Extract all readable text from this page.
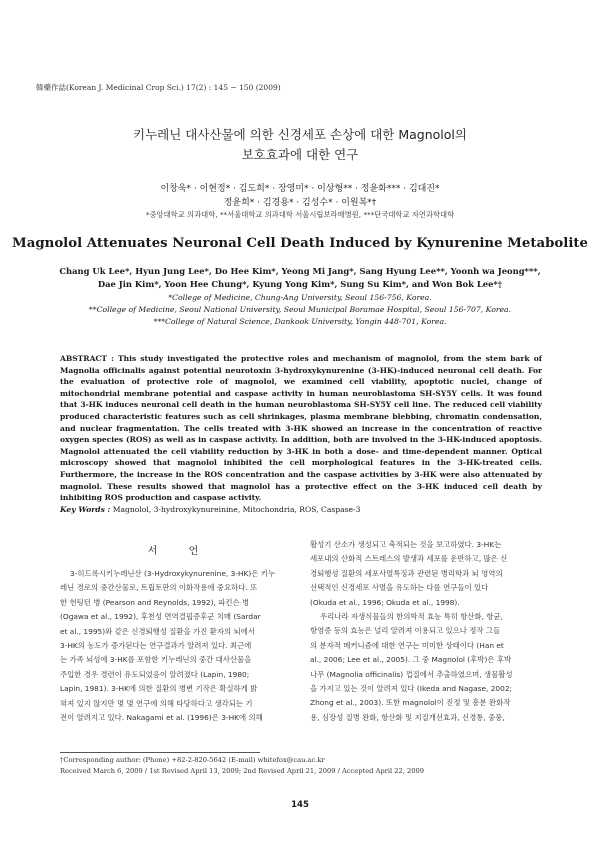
韓藥作誌(Korean J. Medicinal Crop Sci.) 17(2) : 145 − 150 (2009)
키누레닌 대사산물에 의한 신경세포 손상에 대한 Magnolol의
보호효과에 대한 연구
이창욱* · 이현정* · 김도희* · 장영미* · 이상형** · 정윤화*** · 김대진*
정윤희* · 김경용* · 김성수* · 이원복*†
*중앙대학교 의과대학, **서울대학교 의과대학 서울시립보라매병원, ***단국대학교 자연과학대학
Magnolol Attenuates Neuronal Cell Death Induced by Kynurenine Metabolite
Chang Uk Lee*, Hyun Jung Lee*, Do Hee Kim*, Yeong Mi Jang*, Sang Hyung Lee**, Yoonh wa Jeong***,
Dae Jin Kim*, Yoon Hee Chung*, Kyung Yong Kim*, Sung Su Kim*, and Won Bok Lee*†
*College of Medicine, Chung-Ang University, Seoul 156-756, Korea.
**College of Medicine, Seoul National University, Seoul Municipal Boramae Hospital, Seoul 156-707, Korea.
***College of Natural Science, Dankook University, Yongin 448-701, Korea.
ABSTRACT : This study investigated the protective roles and mechanism of magnolol, from the stem bark of Magnolia officinalis against potential neurotoxin 3-hydroxykynurenine (3-HK)-induced neuronal cell death. For the evaluation of protective role of magnolol, we examined cell viability, apoptotic nuclei, change of mitochondrial membrane potential and caspase activity in human neuroblastoma SH-SY5Y cells. It was found that 3-HK induces neuronal cell death in the human neuroblastoma SH-SY5Y cell line. The reduced cell viability produced characteristic features such as cell shrinkages, plasma membrane blebbing, chromatin condensation, and nuclear fragmentation. The cells treated with 3-HK showed an increase in the concentration of reactive oxygen species (ROS) as well as in caspase activity. In addition, both are involved in the 3-HK-induced apoptosis. Magnolol attenuated the cell viability reduction by 3-HK in both a dose- and time-dependent manner. Optical microscopy showed that magnolol inhibited the cell morphological features in the 3-HK-treated cells. Furthermore, the increase in the ROS concentration and the caspase activities by 3-HK were also attenuated by magnolol. These results showed that magnolol has a protective effect on the 3-HK induced cell death by inhibiting ROS production and caspase activity.
Key Words : Magnolol, 3-hydroxykynureinine, Mitochondria, ROS, Caspase-3
서 언

3-히드록시키누레닌산 (3-Hydroxykynurenine, 3-HK)은 키누

레닌 경로의 중간산물로, 트립토판의 이화작용에 중요하다. 또

한 헌팅턴 병 (Pearson and Reynolds, 1992), 파킨슨 병

(Ogawa et al., 1992), 후천성 면역결핍증후군 치매 (Sardar

et al., 1995)와 같은 신경퇴행성 질환을 가진 환자의 뇌에서

3-HK의 농도가 증가된다는 연구결과가 알려져 있다. 최근에

는 가족 뇌성에 3-HK를 포함한 키누레닌의 중간 대사산물을

주입한 경우 경련이 유도되었음이 알려졌다 (Lapin, 1980;

Lapin, 1981). 3-HK에 의한 질환의 병변 기작은 확실하게 밝

혀져 있지 않지만 몇 몇 연구에 의해 타당하다고 생각되는 기

전이 알려지고 있다. Nakagami et al. (1996)은 3-HK에 의해

활성기 산소가 생성되고 축적되는 것을 보고하였다. 3-HK는

세포내의 산화적 스트레스의 발생과 세포를 운반하고, 많은 신

경퇴행성 질환의 세포사멸특징과 관련된 병리학과 뇌 영역의

선택적인 신경세포 사멸을 유도하는 다를 연구들이 있다

(Okuda et al., 1996; Okuda et al., 1998).

우리나라 자생식물들의 한의학적 효능 특히 항산화, 항균,

항염증 등의 효능은 널리 알려져 이용되고 있으나 정작 그들

의 분자적 메커니즘에 대한 연구는 미미한 상태이다 (Han et

al., 2006; Lee et al., 2005). 그 중 Magnolol (후박)은 후박

나무 (Magnolia officinalis) 껍질에서 추출하였으며, 생물활성

을 가지고 있는 것이 알려져 있다 (Ikeda and Nagase, 2002;

Zhong et al., 2003). 또한 magnolol이 진정 및 흥분 완화작

용, 심장성 질병 완화, 항산화 및 지질개선효과, 신경통, 중풍,

†Corresponding author: (Phone) +82-2-820-5642 (E-mail) whitefox@cau.ac.kr
Received March 6, 2009 / 1st Revised April 13, 2009; 2nd Revised April 21, 2009 / Accepted April 22, 2009
145
